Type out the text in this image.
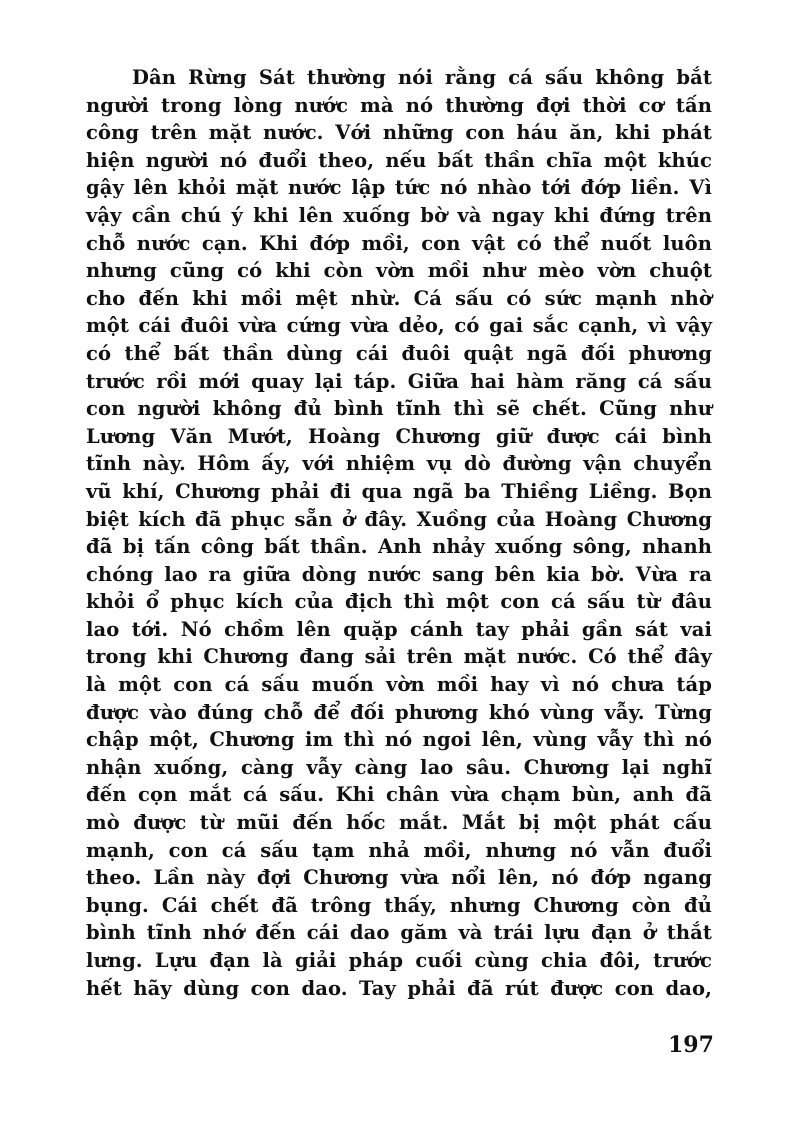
Dân Rừng Sát thường nói rằng cá sấu không bắt
người trong lòng nước mà nó thường đợi thời cơ tấn
công trên mặt nước. Với những con háu ăn, khi phát
hiện người nó đuổi theo, nếu bất thần chĩa một khúc
gậy lên khỏi mặt nước lập tức nó nhào tới đớp liền. Vì
vậy cần chú ý khi lên xuống bờ và ngay khi đứng trên
chỗ nước cạn. Khi đớp mồi, con vật có thể nuốt luôn
nhưng cũng có khi còn vờn mồi như mèo vờn chuột
cho đến khi mồi mệt nhừ. Cá sấu có sức mạnh nhờ
một cái đuôi vừa cứng vừa dẻo, có gai sắc cạnh, vì vậy
có thể bất thần dùng cái đuôi quật ngã đối phương
trước rồi mới quay lại táp. Giữa hai hàm răng cá sấu
con người không đủ bình tĩnh thì sẽ chết. Cũng như
Lương Văn Mướt, Hoàng Chương giữ được cái bình
tĩnh này. Hôm ấy, với nhiệm vụ dò đường vận chuyển
vũ khí, Chương phải đi qua ngã ba Thiềng Liềng. Bọn
biệt kích đã phục sẵn ở đây. Xuồng của Hoàng Chương
đã bị tấn công bất thần. Anh nhảy xuống sông, nhanh
chóng lao ra giữa dòng nước sang bên kia bờ. Vừa ra
khỏi ổ phục kích của địch thì một con cá sấu từ đâu
lao tới. Nó chồm lên quặp cánh tay phải gần sát vai
trong khi Chương đang sải trên mặt nước. Có thể đây
là một con cá sấu muốn vờn mồi hay vì nó chưa táp
được vào đúng chỗ để đối phương khó vùng vẫy. Từng
chập một, Chương im thì nó ngoi lên, vùng vẫy thì nó
nhận xuống, càng vẫy càng lao sâu. Chương lại nghĩ
đến cọn mắt cá sấu. Khi chân vừa chạm bùn, anh đã
mò được từ mũi đến hốc mắt. Mắt bị một phát cấu
mạnh, con cá sấu tạm nhả mồi, nhưng nó vẫn đuổi
theo. Lần này đợi Chương vừa nổi lên, nó đớp ngang
bụng. Cái chết đã trông thấy, nhưng Chương còn đủ
bình tĩnh nhớ đến cái dao găm và trái lựu đạn ở thắt
lưng. Lựu đạn là giải pháp cuối cùng chia đôi, trước
hết hãy dùng con dao. Tay phải đã rút được con dao,
197
